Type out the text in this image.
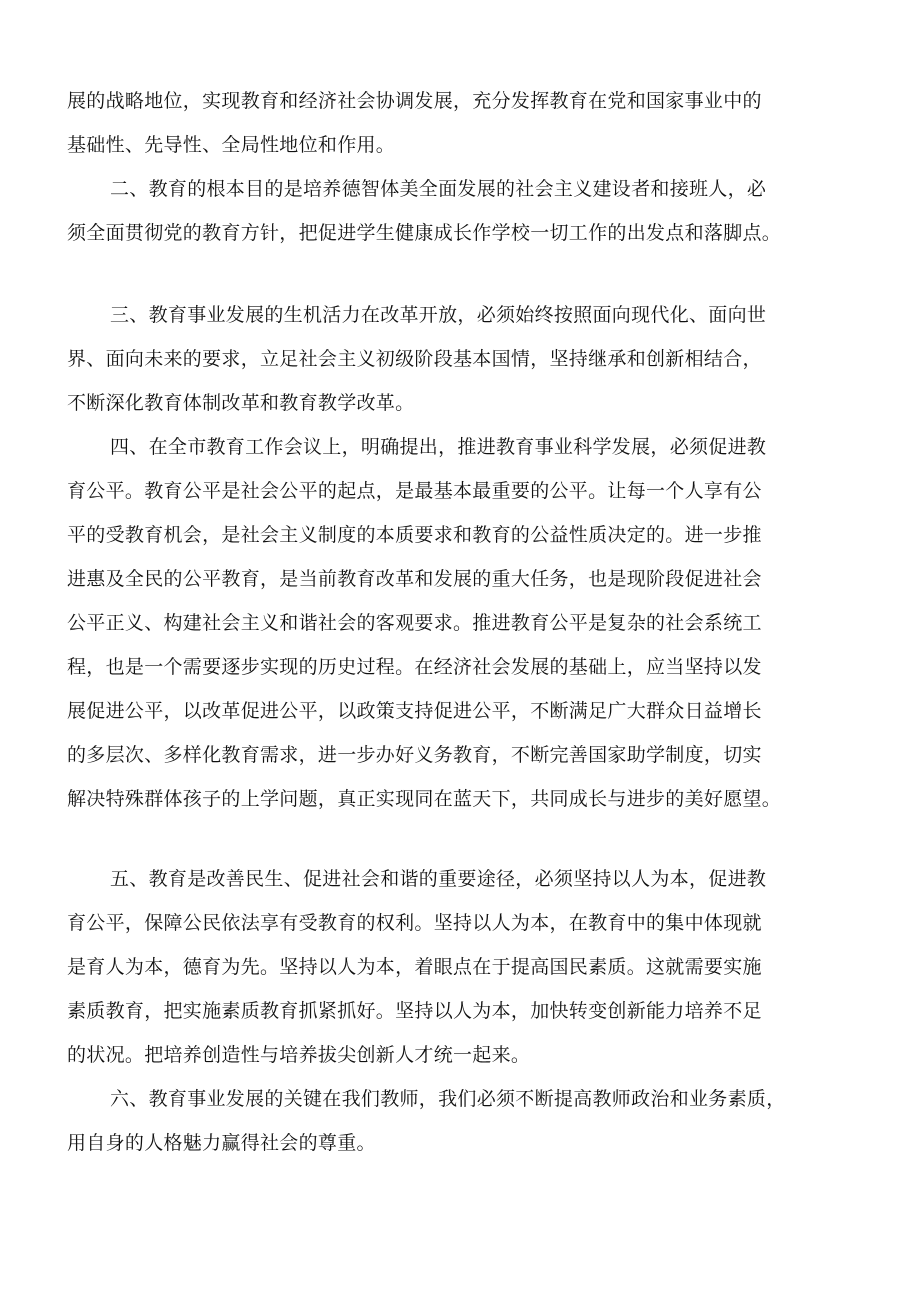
展的战略地位，实现教育和经济社会协调发展，充分发挥教育在党和国家事业中的

基础性、先导性、全局性地位和作用。

二、教育的根本目的是培养德智体美全面发展的社会主义建设者和接班人，必

须全面贯彻党的教育方针，把促进学生健康成长作学校一切工作的出发点和落脚点。

三、教育事业发展的生机活力在改革开放，必须始终按照面向现代化、面向世

界、面向未来的要求，立足社会主义初级阶段基本国情，坚持继承和创新相结合，

不断深化教育体制改革和教育教学改革。

四、在全市教育工作会议上，明确提出，推进教育事业科学发展，必须促进教

育公平。教育公平是社会公平的起点，是最基本最重要的公平。让每一个人享有公

平的受教育机会，是社会主义制度的本质要求和教育的公益性质决定的。进一步推

进惠及全民的公平教育，是当前教育改革和发展的重大任务，也是现阶段促进社会

公平正义、构建社会主义和谐社会的客观要求。推进教育公平是复杂的社会系统工

程，也是一个需要逐步实现的历史过程。在经济社会发展的基础上，应当坚持以发

展促进公平，以改革促进公平，以政策支持促进公平，不断满足广大群众日益增长

的多层次、多样化教育需求，进一步办好义务教育，不断完善国家助学制度，切实

解决特殊群体孩子的上学问题，真正实现同在蓝天下，共同成长与进步的美好愿望。

五、教育是改善民生、促进社会和谐的重要途径，必须坚持以人为本，促进教

育公平，保障公民依法享有受教育的权利。坚持以人为本，在教育中的集中体现就

是育人为本，德育为先。坚持以人为本，着眼点在于提高国民素质。这就需要实施

素质教育，把实施素质教育抓紧抓好。坚持以人为本，加快转变创新能力培养不足

的状况。把培养创造性与培养拔尖创新人才统一起来。

六、教育事业发展的关键在我们教师，我们必须不断提高教师政治和业务素质，

用自身的人格魅力赢得社会的尊重。
